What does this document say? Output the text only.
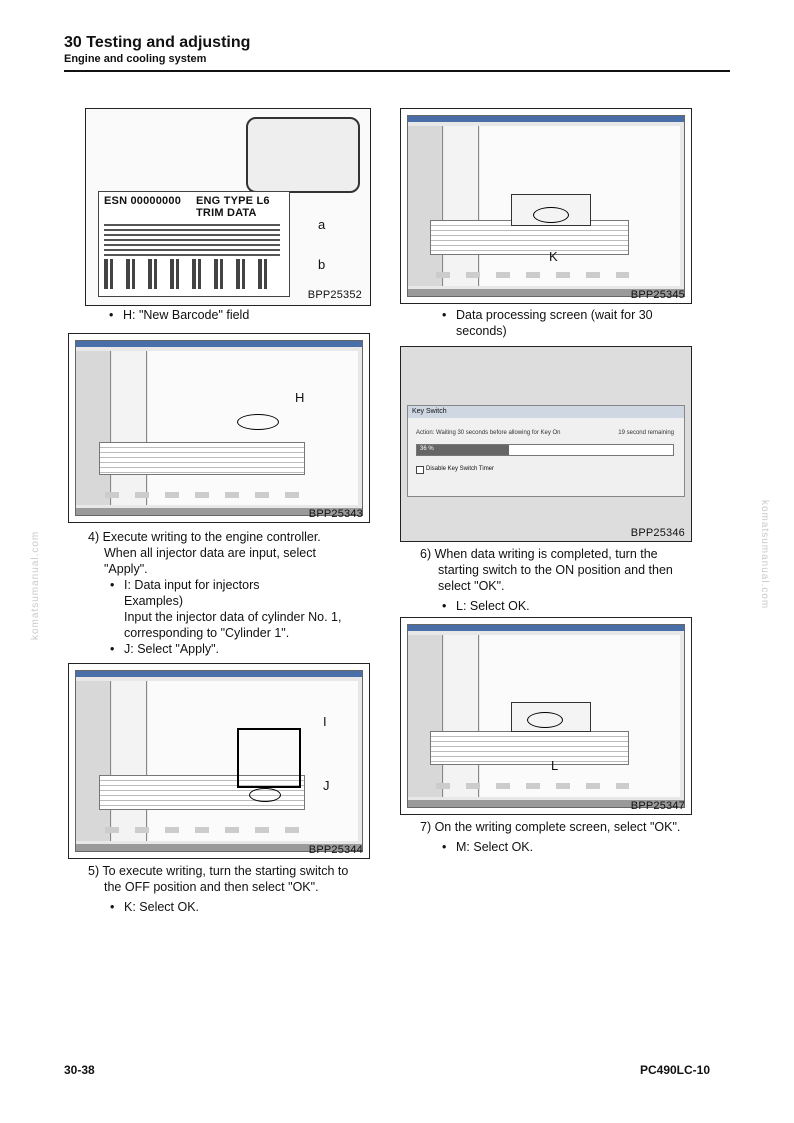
30 Testing and adjusting
Engine and cooling system
ESN 00000000 ENG TYPE L6
TRIM DATA
a
b
BPP25352
K
BPP25345
• H: "New Barcode" field
•	Data processing screen (wait for 30
seconds)
H
BPP25343
Key Switch
Action: Waiting 30 seconds before allowing for Key On	19 second remaining
36 %
Disable Key Switch Timer
BPP25346
4) Execute writing to the engine controller.
When all injector data are input, select
"Apply".
• I: Data input for injectors
Examples)
Input the injector data of cylinder No. 1,
corresponding to "Cylinder 1".
• J: Select "Apply".
6) When data writing is completed, turn the
starting switch to the ON position and then
select "OK".
• L: Select OK.
I
J
BPP25344
L
BPP25347
7) On the writing complete screen, select "OK".
• M: Select OK.
5) To execute writing, turn the starting switch to
the OFF position and then select "OK".
• K: Select OK.
komatsumanual.com	komatsumanual.com
30-38	PC490LC-10
